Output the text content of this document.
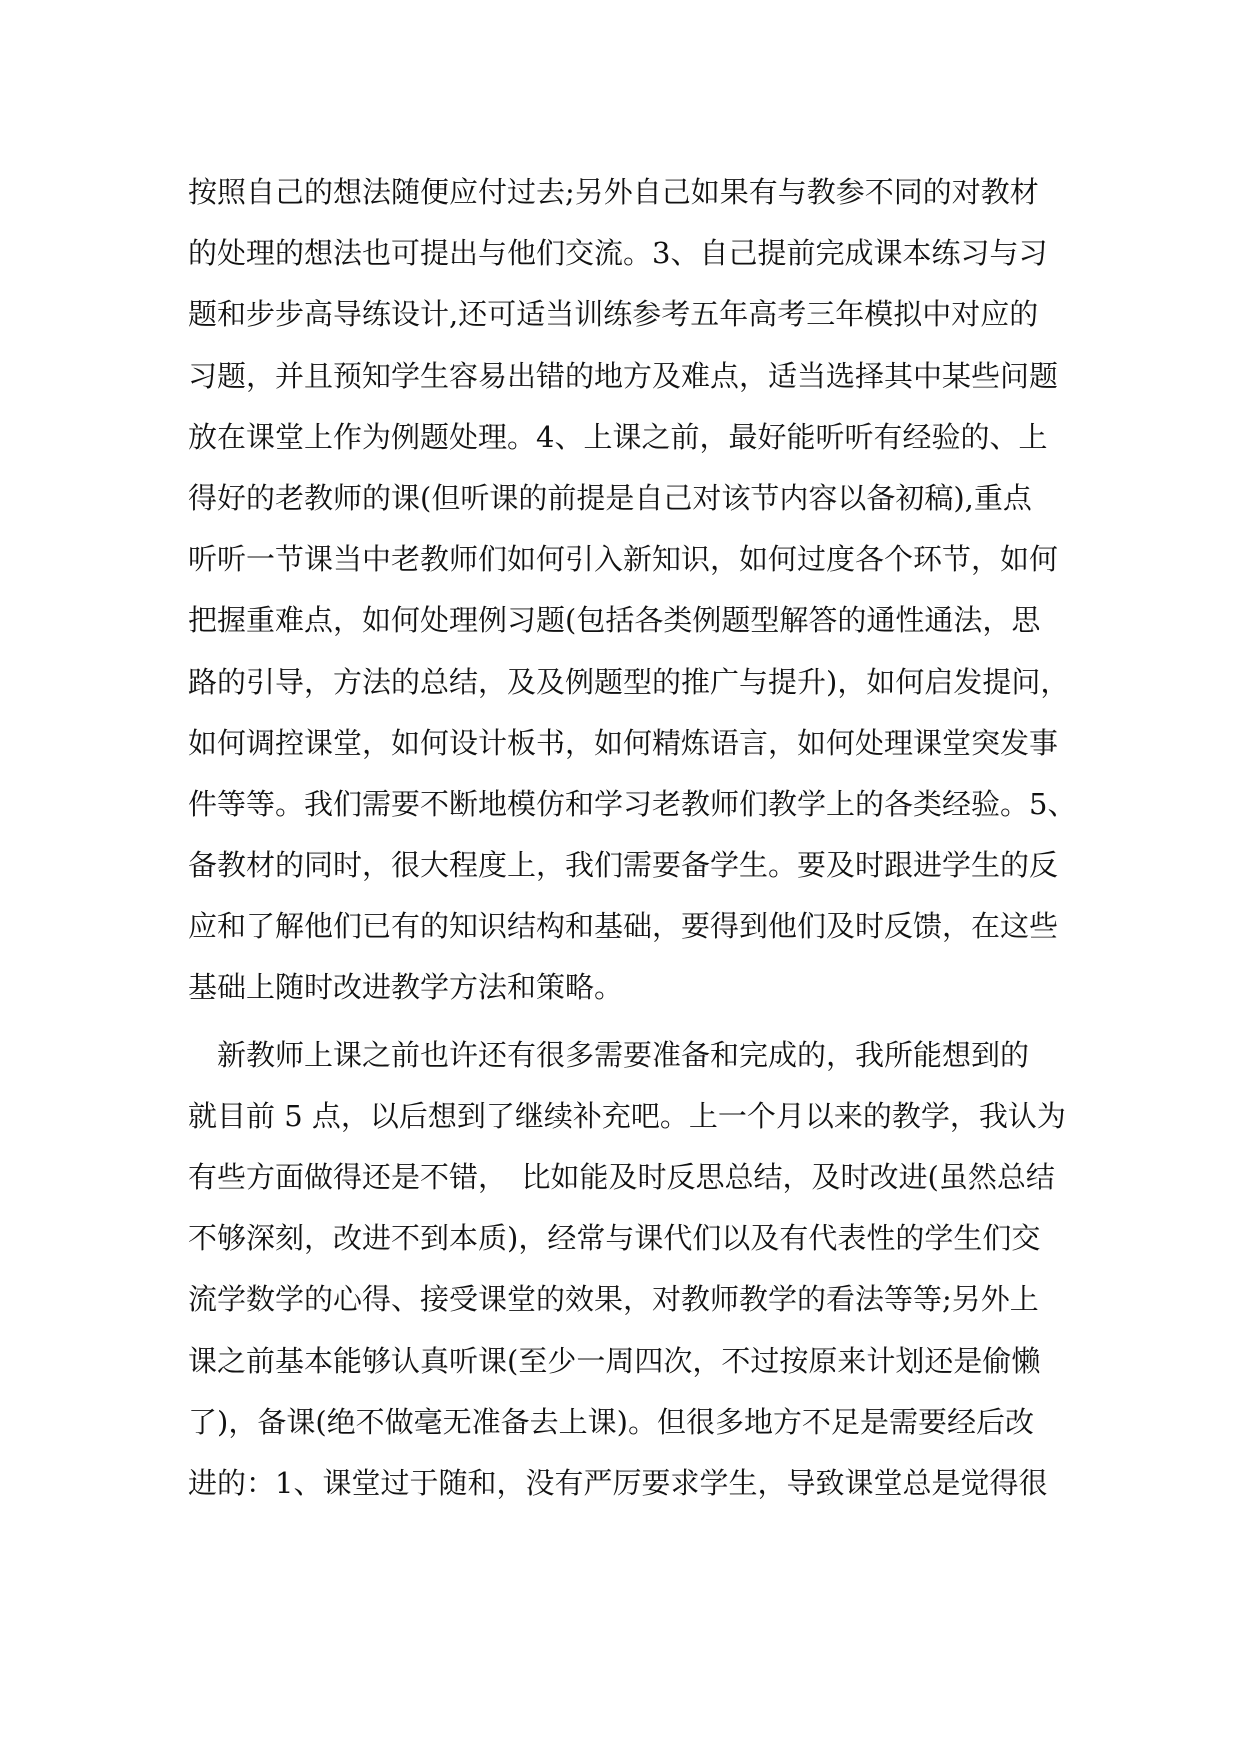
按照自己的想法随便应付过去;另外自己如果有与教参不同的对教材
的处理的想法也可提出与他们交流。3、自己提前完成课本练习与习
题和步步高导练设计,还可适当训练参考五年高考三年模拟中对应的
习题，并且预知学生容易出错的地方及难点，适当选择其中某些问题
放在课堂上作为例题处理。4、上课之前，最好能听听有经验的、上
得好的老教师的课(但听课的前提是自己对该节内容以备初稿),重点
听听一节课当中老教师们如何引入新知识，如何过度各个环节，如何
把握重难点，如何处理例习题(包括各类例题型解答的通性通法，思
路的引导，方法的总结，及及例题型的推广与提升)，如何启发提问，
如何调控课堂，如何设计板书，如何精炼语言，如何处理课堂突发事
件等等。我们需要不断地模仿和学习老教师们教学上的各类经验。5、
备教材的同时，很大程度上，我们需要备学生。要及时跟进学生的反
应和了解他们已有的知识结构和基础，要得到他们及时反馈，在这些
基础上随时改进教学方法和策略。
　新教师上课之前也许还有很多需要准备和完成的，我所能想到的
就目前 5 点，以后想到了继续补充吧。上一个月以来的教学，我认为
有些方面做得还是不错，　比如能及时反思总结，及时改进(虽然总结
不够深刻，改进不到本质)，经常与课代们以及有代表性的学生们交
流学数学的心得、接受课堂的效果，对教师教学的看法等等;另外上
课之前基本能够认真听课(至少一周四次，不过按原来计划还是偷懒
了)，备课(绝不做毫无准备去上课)。但很多地方不足是需要经后改
进的：1、课堂过于随和，没有严厉要求学生，导致课堂总是觉得很
